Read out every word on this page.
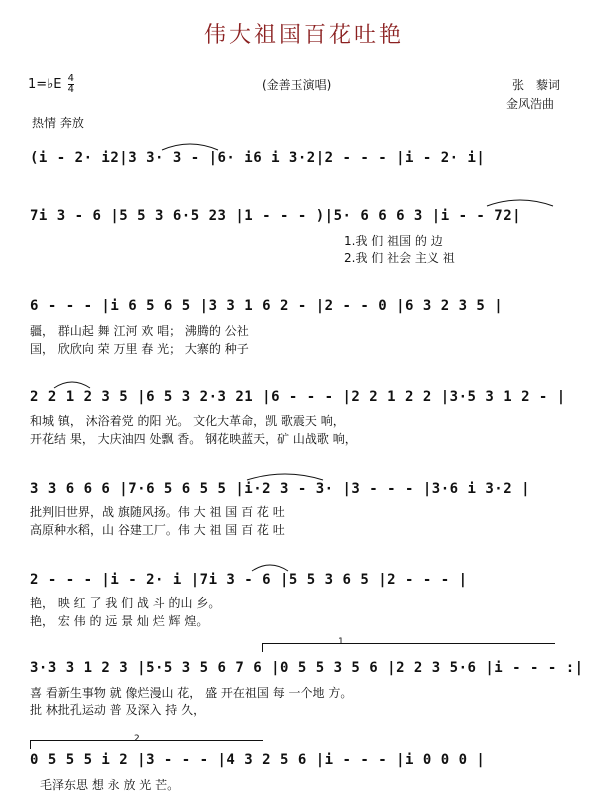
伟大祖国百花吐艳
1=♭E $\frac{4}{4}$	(金善玉演唱)	张　藜词
金风浩曲
热情 奔放
(i - 2· i2|3 3· 3 - |6· i6 i 3·2|2 - - - |i - 2· i|
7i 3 - 6 |5 5 3 6·5 23 |1 - - - )|5· 6 6 6 3 |i - - 72|
1.我 们 祖国 的 边
2.我 们 社会 主义 祖
6 - - - |i 6 5 6 5 |3 3 1 6 2 - |2 - - 0 |6 3 2 3 5 |
疆， 群山起 舞 江河 欢 唱； 沸腾的 公社
国， 欣欣向 荣 万里 春 光； 大寨的 种子
2 2 1 2 3 5 |6 5 3 2·3 21 |6 - - - |2 2 1 2 2 |3·5 3 1 2 - |
和城 镇， 沐浴着党 的阳 光。 文化大革命，凯 歌震天 响，
开花结 果， 大庆油四 处飘 香。 钢花映蓝天，矿 山战歌 响，
3 3 6 6 6 |7·6 5 6 5 5 |i·2 3 - 3· |3 - - - |3·6 i 3·2 |
批判旧世界，战 旗随风扬。伟 大 祖 国 百 花 吐
高原种水稻，山 谷建工厂。伟 大 祖 国 百 花 吐
2 - - - |i - 2· i |7i 3 - 6 |5 5 3 6 5 |2 - - - |
艳， 映 红 了 我 们 战 斗 的山 乡。
艳， 宏 伟 的 远 景 灿 烂 辉 煌。
1
3·3 3 1 2 3 |5·5 3 5 6 7 6 |0 5 5 3 5 6 |2 2 3 5·6 |i - - - :|
喜 看新生事物 就 像烂漫山 花， 盛 开在祖国 每 一个地 方。
批 林批孔运动 普 及深入 持 久，
2
0 5 5 5 i 2 |3 - - - |4 3 2 5 6 |i - - - |i 0 0 0 |
毛泽东思 想 永 放 光 芒。
